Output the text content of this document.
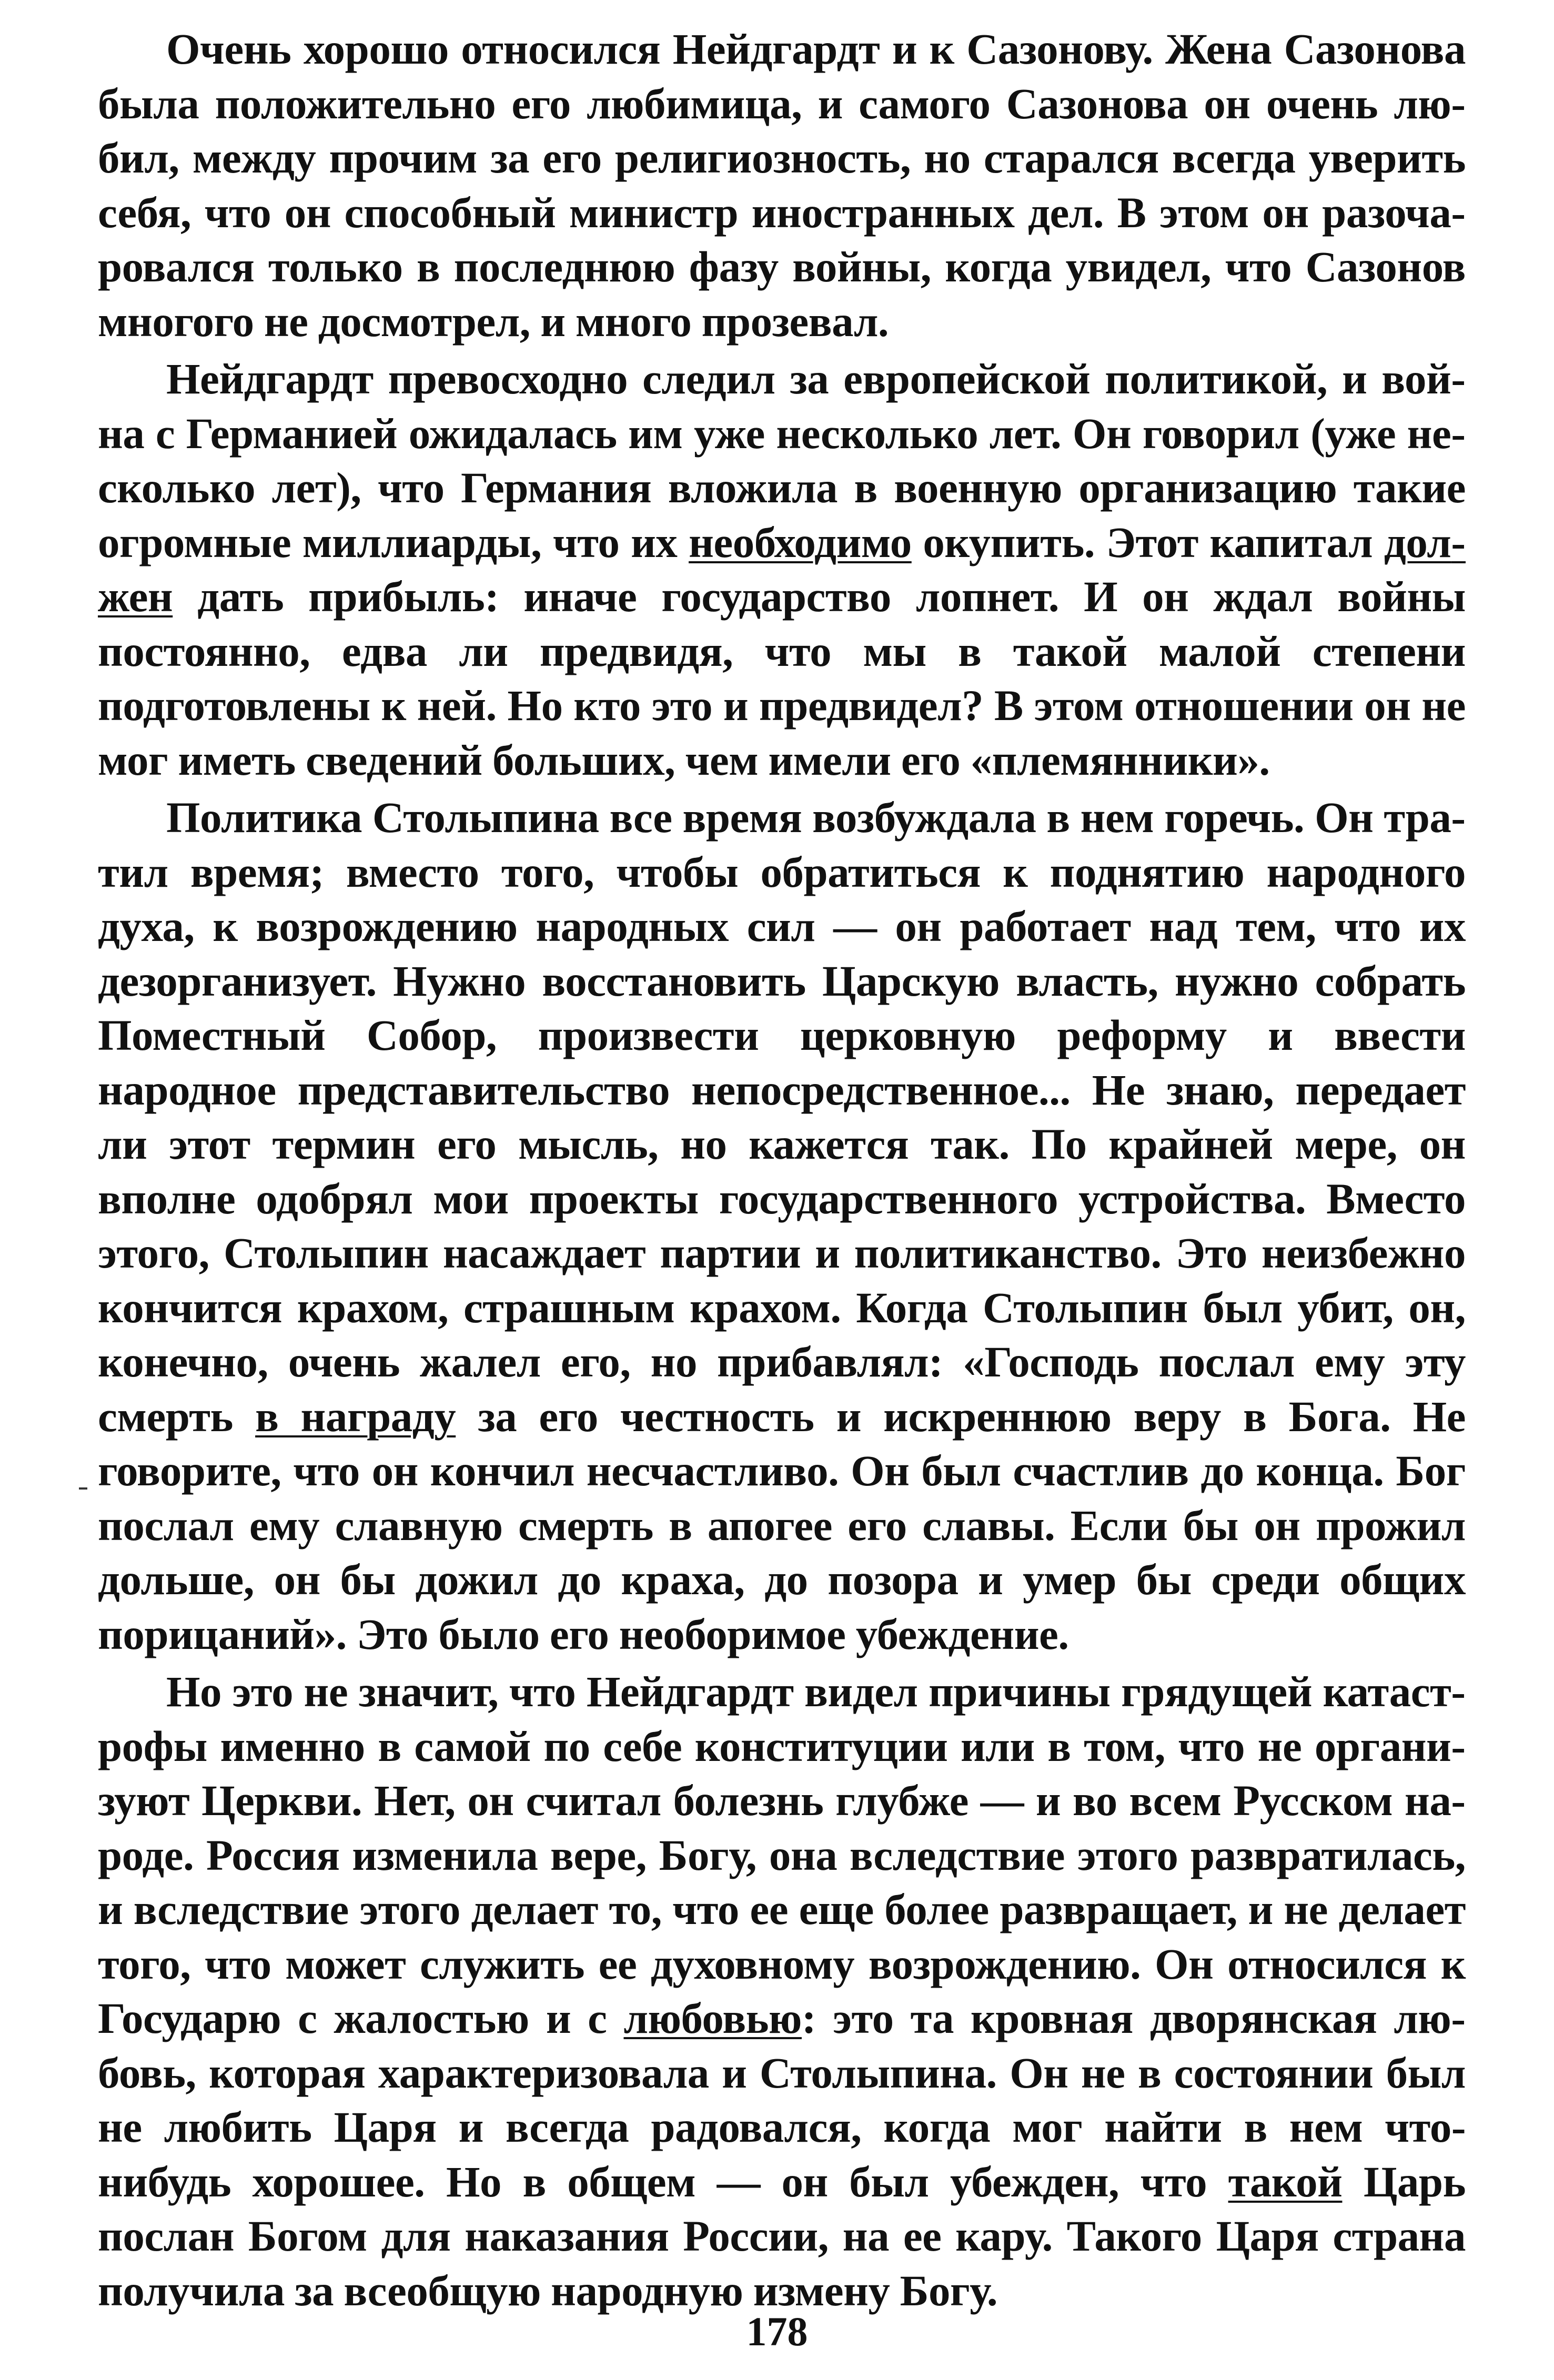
Очень хорошо относился Нейдгардт и к Сазонову. Жена Сазонова была положительно его любимица, и самого Сазонова он очень любил, между прочим за его религиозность, но старался всегда уверить себя, что он способный министр иностранных дел. В этом он разочаровался только в последнюю фазу войны, когда увидел, что Сазонов многого не досмотрел, и много прозевал.

Нейдгардт превосходно следил за европейской политикой, и война с Германией ожидалась им уже несколько лет. Он говорил (уже несколько лет), что Германия вложила в военную организацию такие огромные миллиарды, что их необходимо окупить. Этот капитал должен дать прибыль: иначе государство лопнет. И он ждал войны постоянно, едва ли предвидя, что мы в такой малой степени подготовлены к ней. Но кто это и предвидел? В этом отношении он не мог иметь сведений больших, чем имели его «племянники».

Политика Столыпина все время возбуждала в нем горечь. Он тратил время; вместо того, чтобы обратиться к поднятию народного духа, к возрождению народных сил — он работает над тем, что их дезорганизует. Нужно восстановить Царскую власть, нужно собрать Поместный Собор, произвести церковную реформу и ввести народное представительство непосредственное... Не знаю, передает ли этот термин его мысль, но кажется так. По крайней мере, он вполне одобрял мои проекты государственного устройства. Вместо этого, Столыпин насаждает партии и политиканство. Это неизбежно кончится крахом, страшным крахом. Когда Столыпин был убит, он, конечно, очень жалел его, но прибавлял: «Господь послал ему эту смерть в награду за его честность и искреннюю веру в Бога. Не говорите, что он кончил несчастливо. Он был счастлив до конца. Бог послал ему славную смерть в апогее его славы. Если бы он прожил дольше, он бы дожил до краха, до позора и умер бы среди общих порицаний». Это было его необоримое убеждение.

Но это не значит, что Нейдгардт видел причины грядущей катастрофы именно в самой по себе конституции или в том, что не организуют Церкви. Нет, он считал болезнь глубже — и во всем Русском народе. Россия изменила вере, Богу, она вследствие этого развратилась, и вследствие этого делает то, что ее еще более развращает, и не делает того, что может служить ее духовному возрождению. Он относился к Государю с жалостью и с любовью: это та кровная дворянская любовь, которая характеризовала и Столыпина. Он не в состоянии был не любить Царя и всегда радовался, когда мог найти в нем что-нибудь хорошее. Но в общем — он был убежден, что такой Царь послан Богом для наказания России, на ее кару. Такого Царя страна получила за всеобщую народную измену Богу.

178
